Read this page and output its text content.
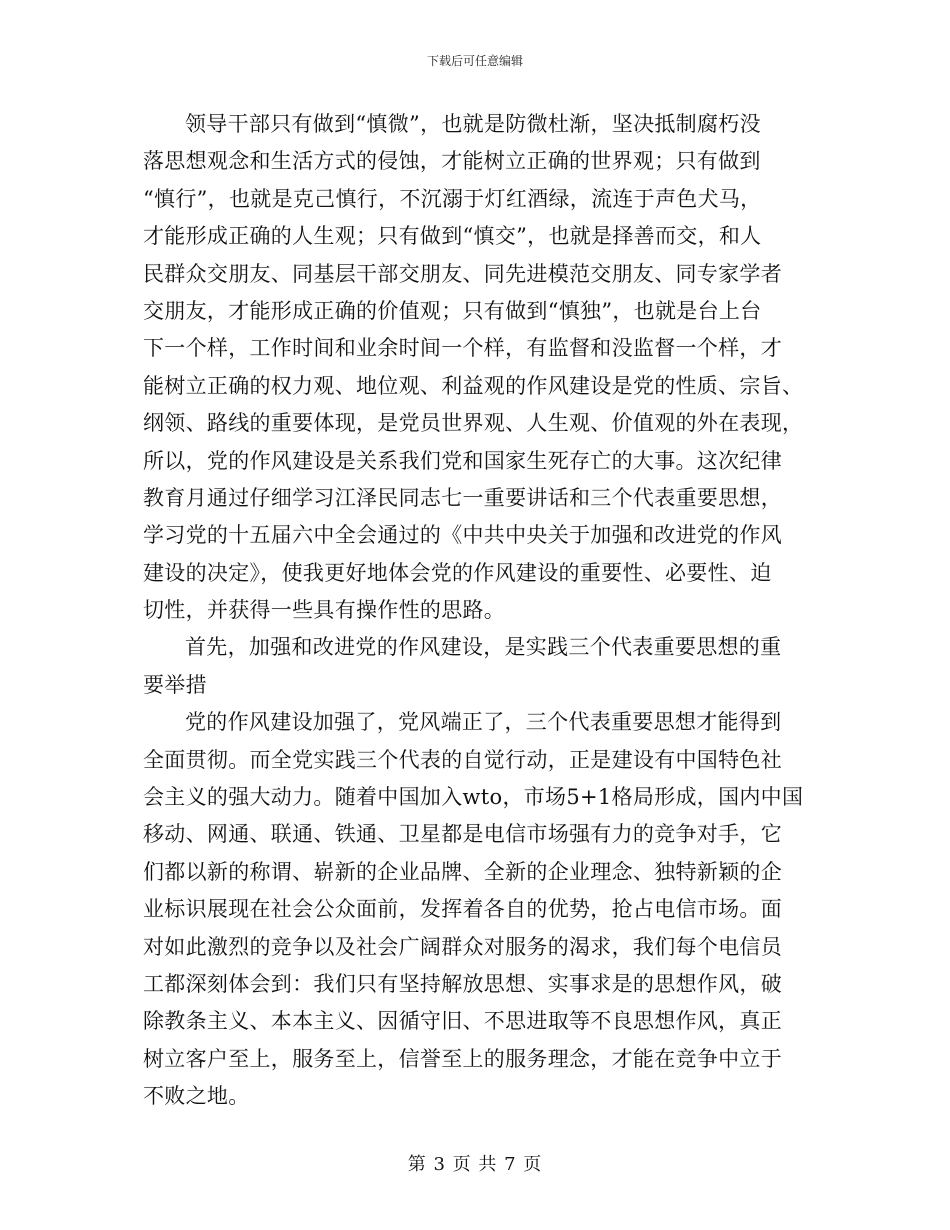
下载后可任意编辑
领导干部只有做到“慎微”，也就是防微杜渐，坚决抵制腐朽没
落思想观念和生活方式的侵蚀，才能树立正确的世界观；只有做到
“慎行”，也就是克己慎行，不沉溺于灯红酒绿，流连于声色犬马，
才能形成正确的人生观；只有做到“慎交”，也就是择善而交，和人
民群众交朋友、同基层干部交朋友、同先进模范交朋友、同专家学者
交朋友，才能形成正确的价值观；只有做到“慎独”，也就是台上台
下一个样，工作时间和业余时间一个样，有监督和没监督一个样，才
能树立正确的权力观、地位观、利益观的作风建设是党的性质、宗旨、
纲领、路线的重要体现，是党员世界观、人生观、价值观的外在表现，
所以，党的作风建设是关系我们党和国家生死存亡的大事。这次纪律
教育月通过仔细学习江泽民同志七一重要讲话和三个代表重要思想，
学习党的十五届六中全会通过的《中共中央关于加强和改进党的作风
建设的决定》，使我更好地体会党的作风建设的重要性、必要性、迫
切性，并获得一些具有操作性的思路。
首先，加强和改进党的作风建设，是实践三个代表重要思想的重
要举措
党的作风建设加强了，党风端正了，三个代表重要思想才能得到
全面贯彻。而全党实践三个代表的自觉行动，正是建设有中国特色社
会主义的强大动力。随着中国加入wto，市场5+1格局形成，国内中国
移动、网通、联通、铁通、卫星都是电信市场强有力的竞争对手，它
们都以新的称谓、崭新的企业品牌、全新的企业理念、独特新颖的企
业标识展现在社会公众面前，发挥着各自的优势，抢占电信市场。面
对如此激烈的竞争以及社会广阔群众对服务的渴求，我们每个电信员
工都深刻体会到：我们只有坚持解放思想、实事求是的思想作风，破
除教条主义、本本主义、因循守旧、不思进取等不良思想作风，真正
树立客户至上，服务至上，信誉至上的服务理念，才能在竞争中立于
不败之地。
第 3 页 共 7 页
